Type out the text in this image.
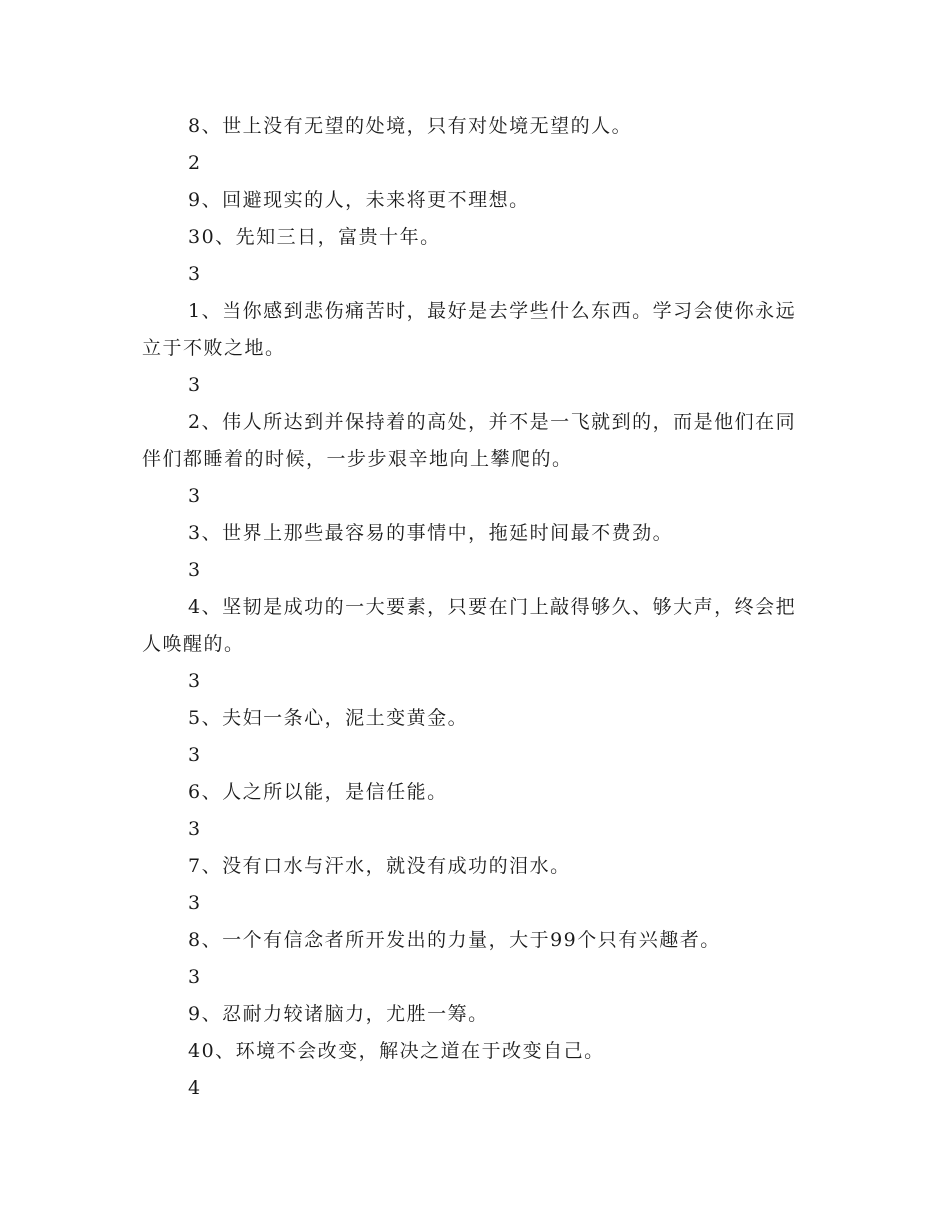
8、世上没有无望的处境，只有对处境无望的人。

2

9、回避现实的人，未来将更不理想。

30、先知三日，富贵十年。

3

1、当你感到悲伤痛苦时，最好是去学些什么东西。学习会使你永远立于不败之地。

3

2、伟人所达到并保持着的高处，并不是一飞就到的，而是他们在同伴们都睡着的时候，一步步艰辛地向上攀爬的。

3

3、世界上那些最容易的事情中，拖延时间最不费劲。

3

4、坚韧是成功的一大要素，只要在门上敲得够久、够大声，终会把人唤醒的。

3

5、夫妇一条心，泥土变黄金。

3

6、人之所以能，是信任能。

3

7、没有口水与汗水，就没有成功的泪水。

3

8、一个有信念者所开发出的力量，大于99个只有兴趣者。

3

9、忍耐力较诸脑力，尤胜一筹。

40、环境不会改变，解决之道在于改变自己。

4
